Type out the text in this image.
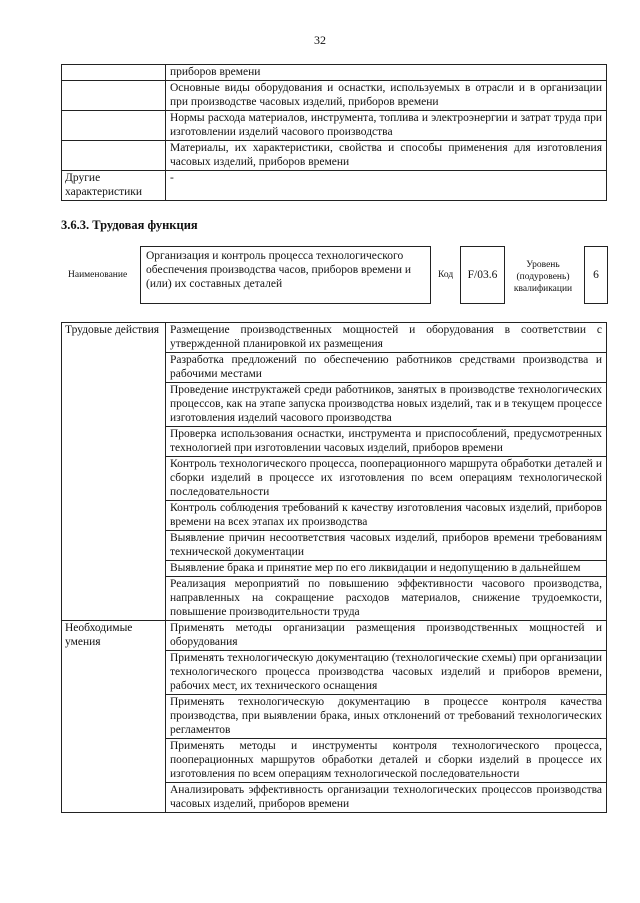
32
	приборов времени
	Основные виды оборудования и оснастки, используемых в отрасли и в организации при производстве часовых изделий, приборов времени
	Нормы расхода материалов, инструмента, топлива и электроэнергии и затрат труда при изготовлении изделий часового производства
	Материалы, их характеристики, свойства и способы применения для изготовления часовых изделий, приборов времени
Другие характеристики	-
3.6.3. Трудовая функция
Наименование
Организация и контроль процесса технологического обеспечения производства часов, приборов времени и (или) их составных деталей
Код	F/03.6
Уровень (подуровень) квалификации
6
Трудовые действия	Размещение производственных мощностей и оборудования в соответствии с утвержденной планировкой их размещения
	Разработка предложений по обеспечению работников средствами производства и рабочими местами
	Проведение инструктажей среди работников, занятых в производстве технологических процессов, как на этапе запуска производства новых изделий, так и в текущем процессе изготовления изделий часового производства
	Проверка использования оснастки, инструмента и приспособлений, предусмотренных технологией при изготовлении часовых изделий, приборов времени
	Контроль технологического процесса, пооперационного маршрута обработки деталей и сборки изделий в процессе их изготовления по всем операциям технологической последовательности
	Контроль соблюдения требований к качеству изготовления часовых изделий, приборов времени на всех этапах их производства
	Выявление причин несоответствия часовых изделий, приборов времени требованиям технической документации
	Выявление брака и принятие мер по его ликвидации и недопущению в дальнейшем
	Реализация мероприятий по повышению эффективности часового производства, направленных на сокращение расходов материалов, снижение трудоемкости, повышение производительности труда
Необходимые умения	Применять методы организации размещения производственных мощностей и оборудования
	Применять технологическую документацию (технологические схемы) при организации технологического процесса производства часовых изделий и приборов времени, рабочих мест, их технического оснащения
	Применять технологическую документацию в процессе контроля качества производства, при выявлении брака, иных отклонений от требований технологических регламентов
	Применять методы и инструменты контроля технологического процесса, пооперационных маршрутов обработки деталей и сборки изделий в процессе их изготовления по всем операциям технологической последовательности
	Анализировать эффективность организации технологических процессов производства часовых изделий, приборов времени
